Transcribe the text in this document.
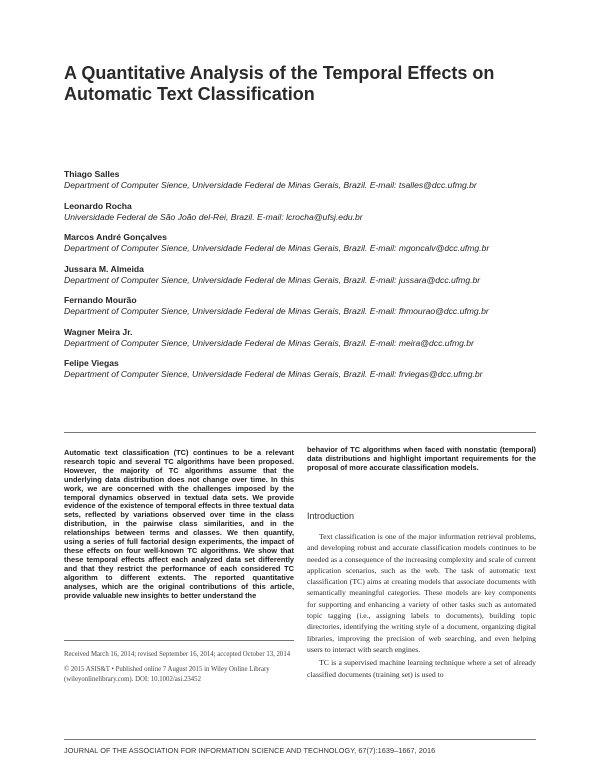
A Quantitative Analysis of the Temporal Effects on Automatic Text Classification
Thiago Salles
Department of Computer Sience, Universidade Federal de Minas Gerais, Brazil. E-mail: tsalles@dcc.ufmg.br
Leonardo Rocha
Universidade Federal de São João del-Rei, Brazil. E-mail: lcrocha@ufsj.edu.br
Marcos André Gonçalves
Department of Computer Sience, Universidade Federal de Minas Gerais, Brazil. E-mail: mgoncalv@dcc.ufmg.br
Jussara M. Almeida
Department of Computer Sience, Universidade Federal de Minas Gerais, Brazil. E-mail: jussara@dcc.ufmg.br
Fernando Mourão
Department of Computer Sience, Universidade Federal de Minas Gerais, Brazil. E-mail: fhmourao@dcc.ufmg.br
Wagner Meira Jr.
Department of Computer Sience, Universidade Federal de Minas Gerais, Brazil. E-mail: meira@dcc.ufmg.br
Felipe Viegas
Department of Computer Sience, Universidade Federal de Minas Gerais, Brazil. E-mail: frviegas@dcc.ufmg.br
Automatic text classification (TC) continues to be a relevant research topic and several TC algorithms have been proposed. However, the majority of TC algorithms assume that the underlying data distribution does not change over time. In this work, we are concerned with the challenges imposed by the temporal dynamics observed in textual data sets. We provide evidence of the existence of temporal effects in three textual data sets, reflected by variations observed over time in the class distribution, in the pairwise class similarities, and in the relationships between terms and classes. We then quantify, using a series of full factorial design experiments, the impact of these effects on four well-known TC algorithms. We show that these temporal effects affect each analyzed data set differently and that they restrict the performance of each considered TC algorithm to different extents. The reported quantitative analyses, which are the original contributions of this article, provide valuable new insights to better understand the
behavior of TC algorithms when faced with nonstatic (temporal) data distributions and highlight important requirements for the proposal of more accurate classification models.
Introduction

Text classification is one of the major information retrieval problems, and developing robust and accurate classification models continues to be needed as a consequence of the increasing complexity and scale of current application scenarios, such as the web. The task of automatic text classification (TC) aims at creating models that associate documents with semantically meaningful categories. These models are key components for supporting and enhancing a variety of other tasks such as automated topic tagging (i.e., assigning labels to documents), building topic directories, identifying the writing style of a document, organizing digital libraries, improving the precision of web searching, and even helping users to interact with search engines.

TC is a supervised machine learning technique where a set of already classified documents (training set) is used to

Received March 16, 2014; revised September 16, 2014; accepted October 13, 2014

© 2015 ASIS&T • Published online 7 August 2015 in Wiley Online Library (wileyonlinelibrary.com). DOI: 10.1002/asi.23452

JOURNAL OF THE ASSOCIATION FOR INFORMATION SCIENCE AND TECHNOLOGY, 67(7):1639–1667, 2016
